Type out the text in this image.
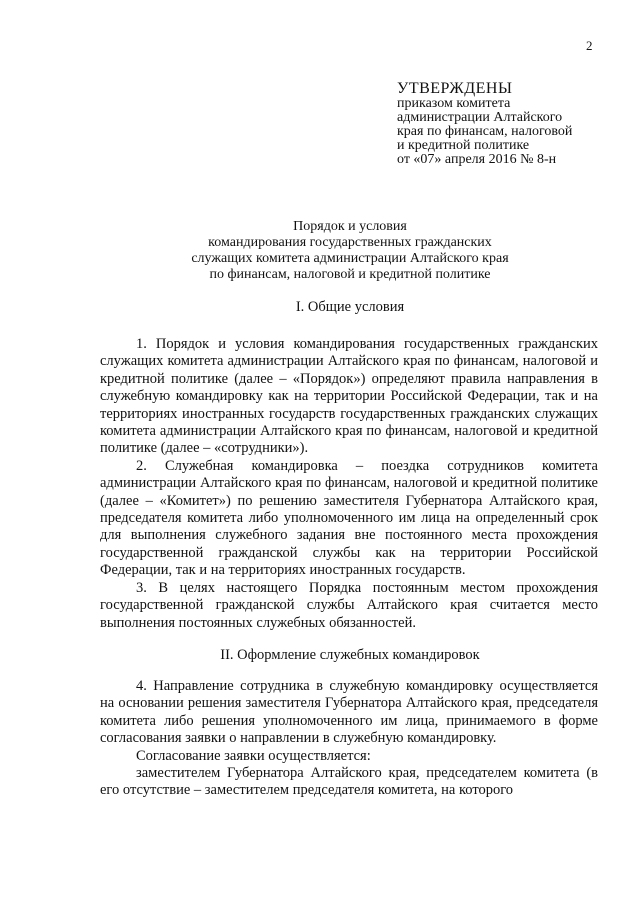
2
УТВЕРЖДЕНЫ
приказом комитета
администрации Алтайского
края по финансам, налоговой
и кредитной политике
от «07» апреля 2016 № 8-н
Порядок и условия
командирования государственных гражданских
служащих комитета администрации Алтайского края
по финансам, налоговой и кредитной политике
I. Общие условия

1. Порядок и условия командирования государственных гражданских служащих комитета администрации Алтайского края по финансам, налоговой и кредитной политике (далее – «Порядок») определяют правила направления в служебную командировку как на территории Российской Федерации, так и на территориях иностранных государств государственных гражданских служащих комитета администрации Алтайского края по финансам, налоговой и кредитной политике (далее – «сотрудники»).

2. Служебная командировка – поездка сотрудников комитета администрации Алтайского края по финансам, налоговой и кредитной политике (далее – «Комитет») по решению заместителя Губернатора Алтайского края, председателя комитета либо уполномоченного им лица на определенный срок для выполнения служебного задания вне постоянного места прохождения государственной гражданской службы как на территории Российской Федерации, так и на территориях иностранных государств.

3. В целях настоящего Порядка постоянным местом прохождения государственной гражданской службы Алтайского края считается место выполнения постоянных служебных обязанностей.

II. Оформление служебных командировок

4. Направление сотрудника в служебную командировку осуществляется на основании решения заместителя Губернатора Алтайского края, председателя комитета либо решения уполномоченного им лица, принимаемого в форме согласования заявки о направлении в служебную командировку.

Согласование заявки осуществляется:

заместителем Губернатора Алтайского края, председателем комитета (в его отсутствие – заместителем председателя комитета, на которого
